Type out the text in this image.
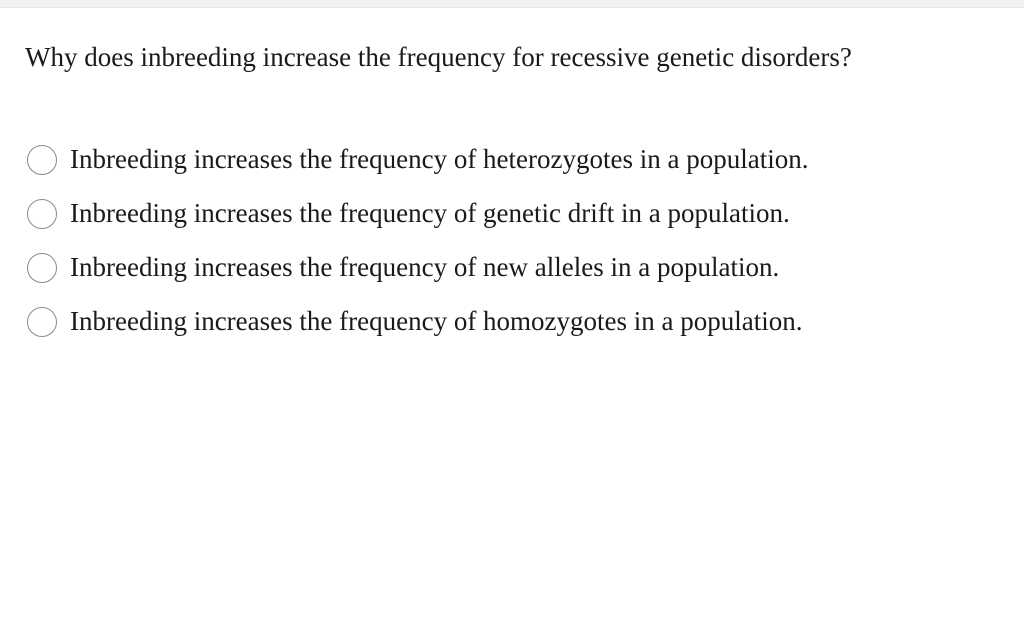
Why does inbreeding increase the frequency for recessive genetic disorders?
Inbreeding increases the frequency of heterozygotes in a population.
Inbreeding increases the frequency of genetic drift in a population.
Inbreeding increases the frequency of new alleles in a population.
Inbreeding increases the frequency of homozygotes in a population.
